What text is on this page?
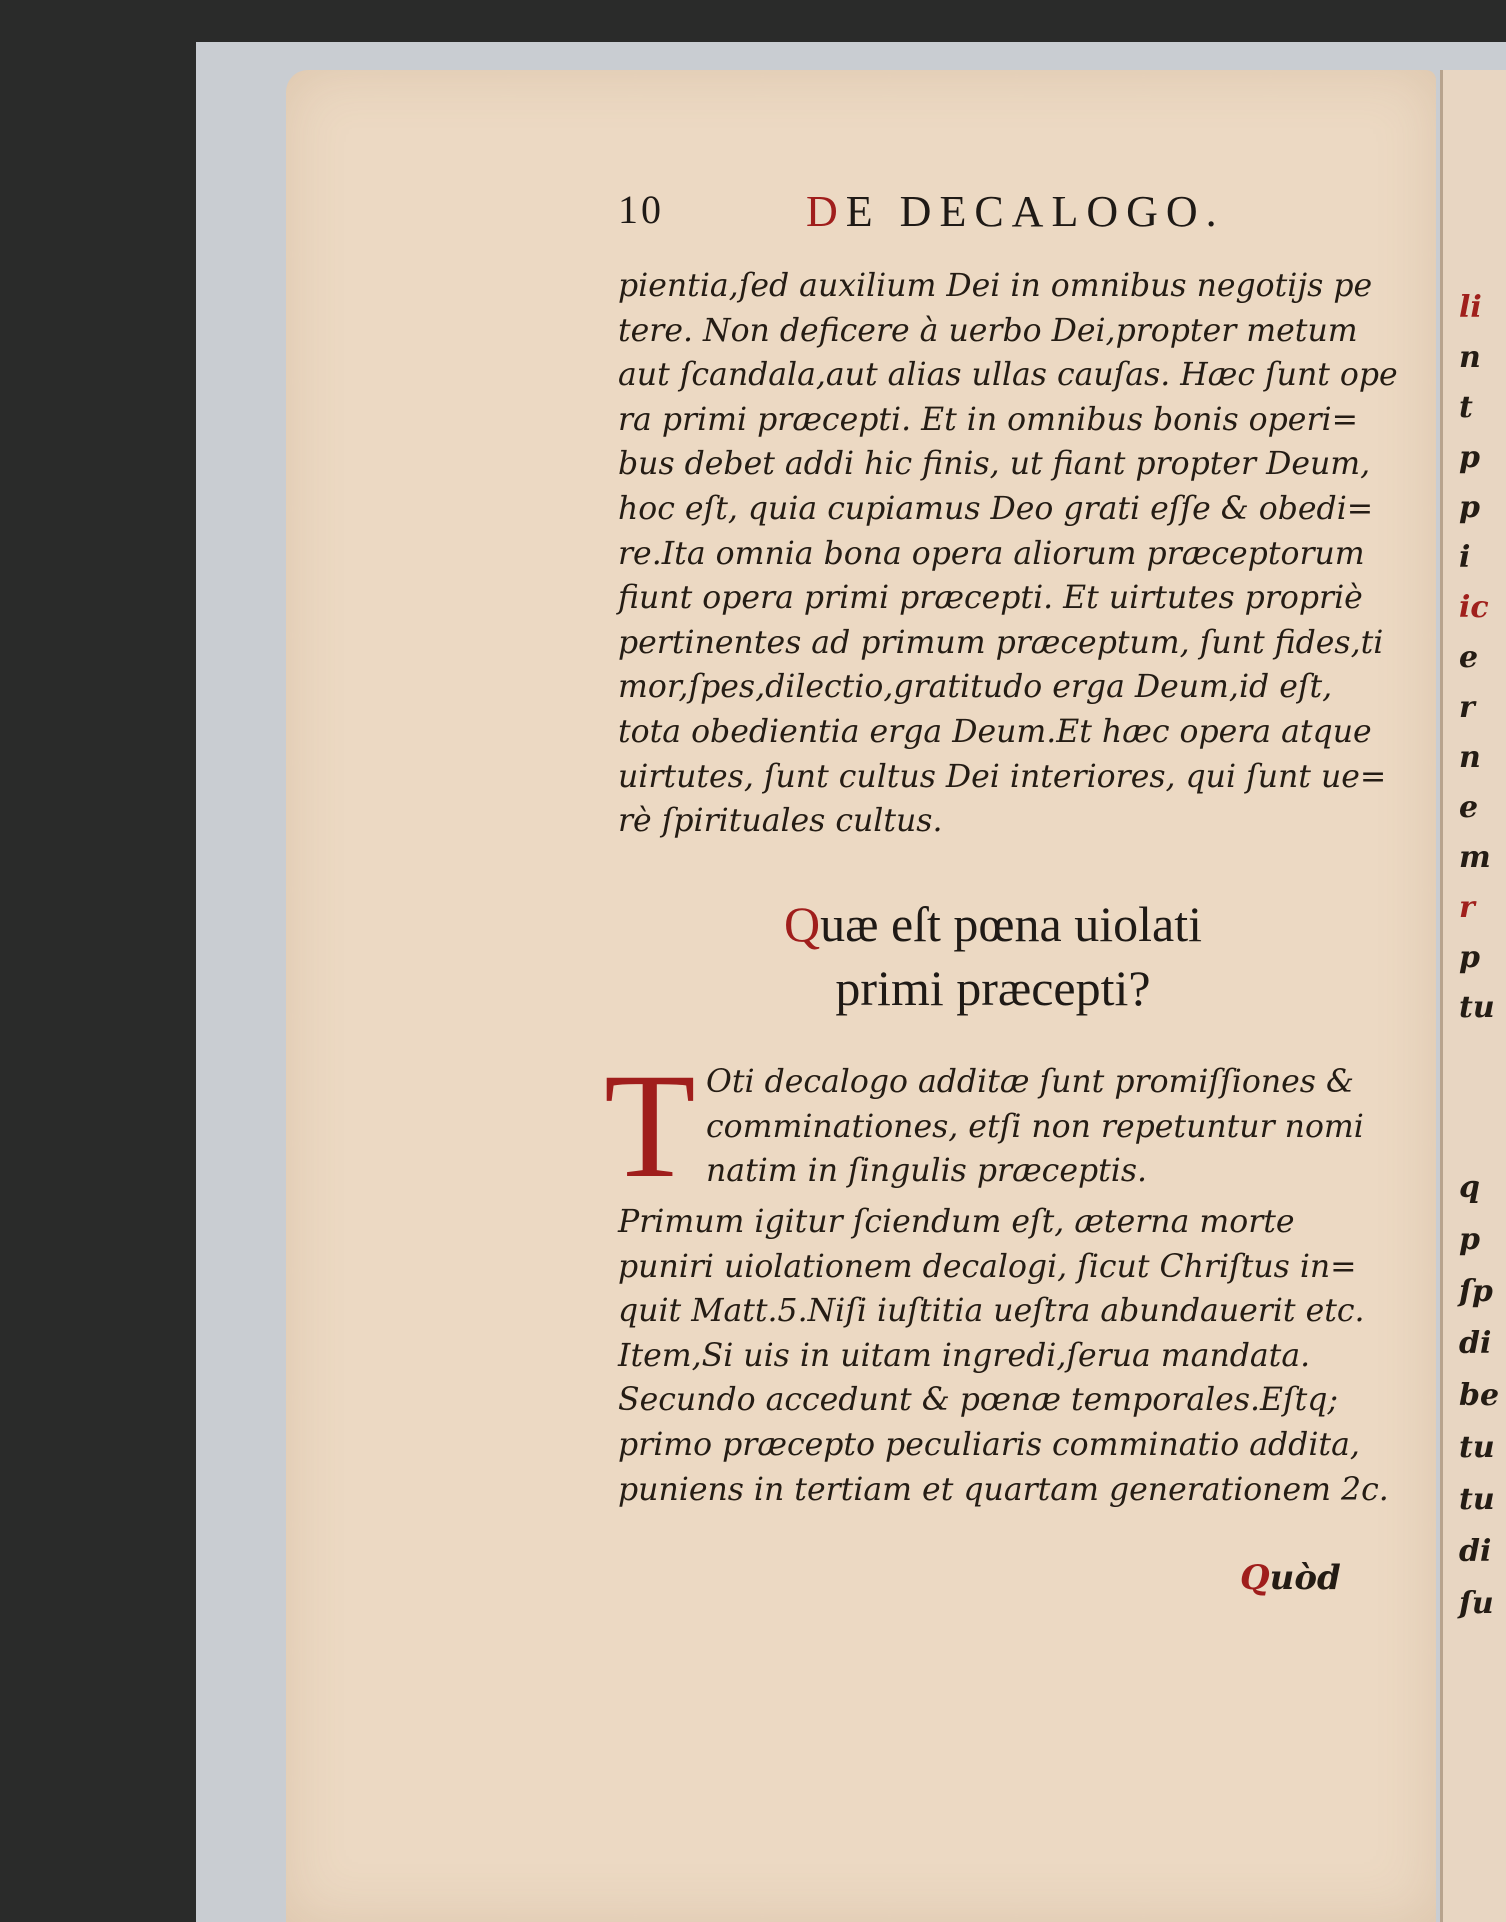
li
n
t
p
p
i
ic
e
r
n
e
m
r
p
tu
q
p
ſp
di
be
tu
tu
di
ſu
10	DE DECALOGO.
pientia,ſed auxilium Dei in omnibus negotijs pe
tere. Non deficere à uerbo Dei,propter metum
aut ſcandala,aut alias ullas cauſas. Hæc ſunt ope
ra primi præcepti. Et in omnibus bonis operi=
bus debet addi hic finis, ut fiant propter Deum,
hoc eſt, quia cupiamus Deo grati eſſe & obedi=
re.Ita omnia bona opera aliorum præceptorum
fiunt opera primi præcepti. Et uirtutes propriè
pertinentes ad primum præceptum, ſunt fides,ti
mor,ſpes,dilectio,gratitudo erga Deum,id eſt,
tota obedientia erga Deum.Et hæc opera atque
uirtutes, ſunt cultus Dei interiores, qui ſunt ue=
rè ſpirituales cultus.
Quæ eſt pœna uiolati
primi præcepti?
T Oti decalogo additæ ſunt promiſſiones &
comminationes, etſi non repetuntur nomi
natim in ſingulis præceptis.
Primum igitur ſciendum eſt, æterna morte
puniri uiolationem decalogi, ſicut Chriſtus in=
quit Matt.5.Niſi iuſtitia ueſtra abundauerit etc.
Item,Si uis in uitam ingredi,ſerua mandata.
Secundo accedunt & pœnæ temporales.Eſtq;
primo præcepto peculiaris comminatio addita,
puniens in tertiam et quartam generationem 2c.
Quòd
